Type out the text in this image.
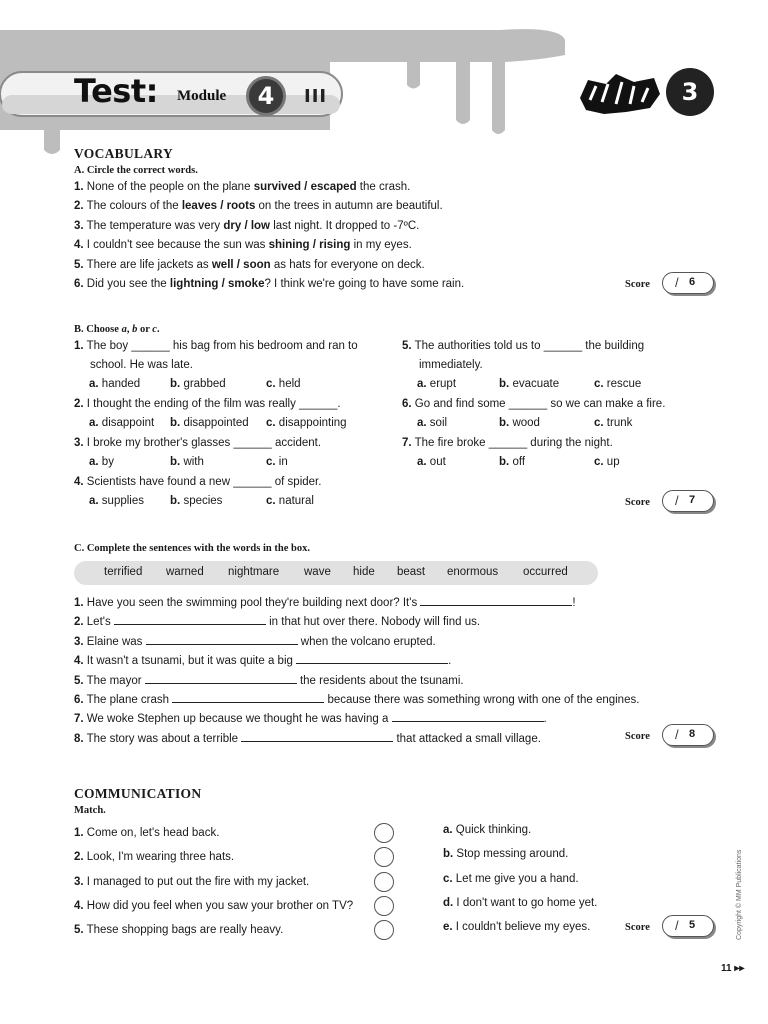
Test: Module	4	III	3
VOCABULARY
A. Circle the correct words.
1. None of the people on the plane survived / escaped the crash.
2. The colours of the leaves / roots on the trees in autumn are beautiful.
3. The temperature was very dry / low last night. It dropped to -7ºC.
4. I couldn't see because the sun was shining / rising in my eyes.
5. There are life jackets as well / soon as hats for everyone on deck.
6. Did you see the lightning / smoke? I think we're going to have some rain.	Score / 6
B. Choose a, b or c.
1. The boy ______ his bag from his bedroom and ran to
school. He was late.
a. handed	b. grabbed	c. held
2. I thought the ending of the film was really ______.
a. disappoint b. disappointed c. disappointing
3. I broke my brother's glasses ______ accident.
a. by	b. with	c. in
4. Scientists have found a new ______ of spider.
a. supplies b. species	c. natural
5. The authorities told us to ______ the building
immediately.
a. erupt	b. evacuate	c. rescue
6. Go and find some ______ so we can make a fire.
a. soil	b. wood	c. trunk
7. The fire broke ______ during the night.
a. out	b. off	c. up
Score / 7
C. Complete the sentences with the words in the box.
terrified warned nightmare wave hide beast enormous occurred
1. Have you seen the swimming pool they're building next door? It's	!
2. Let's	in that hut over there. Nobody will find us.
3. Elaine was	when the volcano erupted.
4. It wasn't a tsunami, but it was quite a big	.
5. The mayor	the residents about the tsunami.
6. The plane crash	because there was something wrong with one of the engines.
7. We woke Stephen up because we thought he was having a	.
8. The story was about a terrible	that attacked a small village.	Score / 8
COMMUNICATION
Match.
1. Come on, let's head back.
2. Look, I'm wearing three hats.
3. I managed to put out the fire with my jacket.
4. How did you feel when you saw your brother on TV?
5. These shopping bags are really heavy.
a. Quick thinking.
b. Stop messing around.
c. Let me give you a hand.
d. I don't want to go home yet.
e. I couldn't believe my eyes.	Score / 5	Copyright © MM Publications
11 ▸▸
